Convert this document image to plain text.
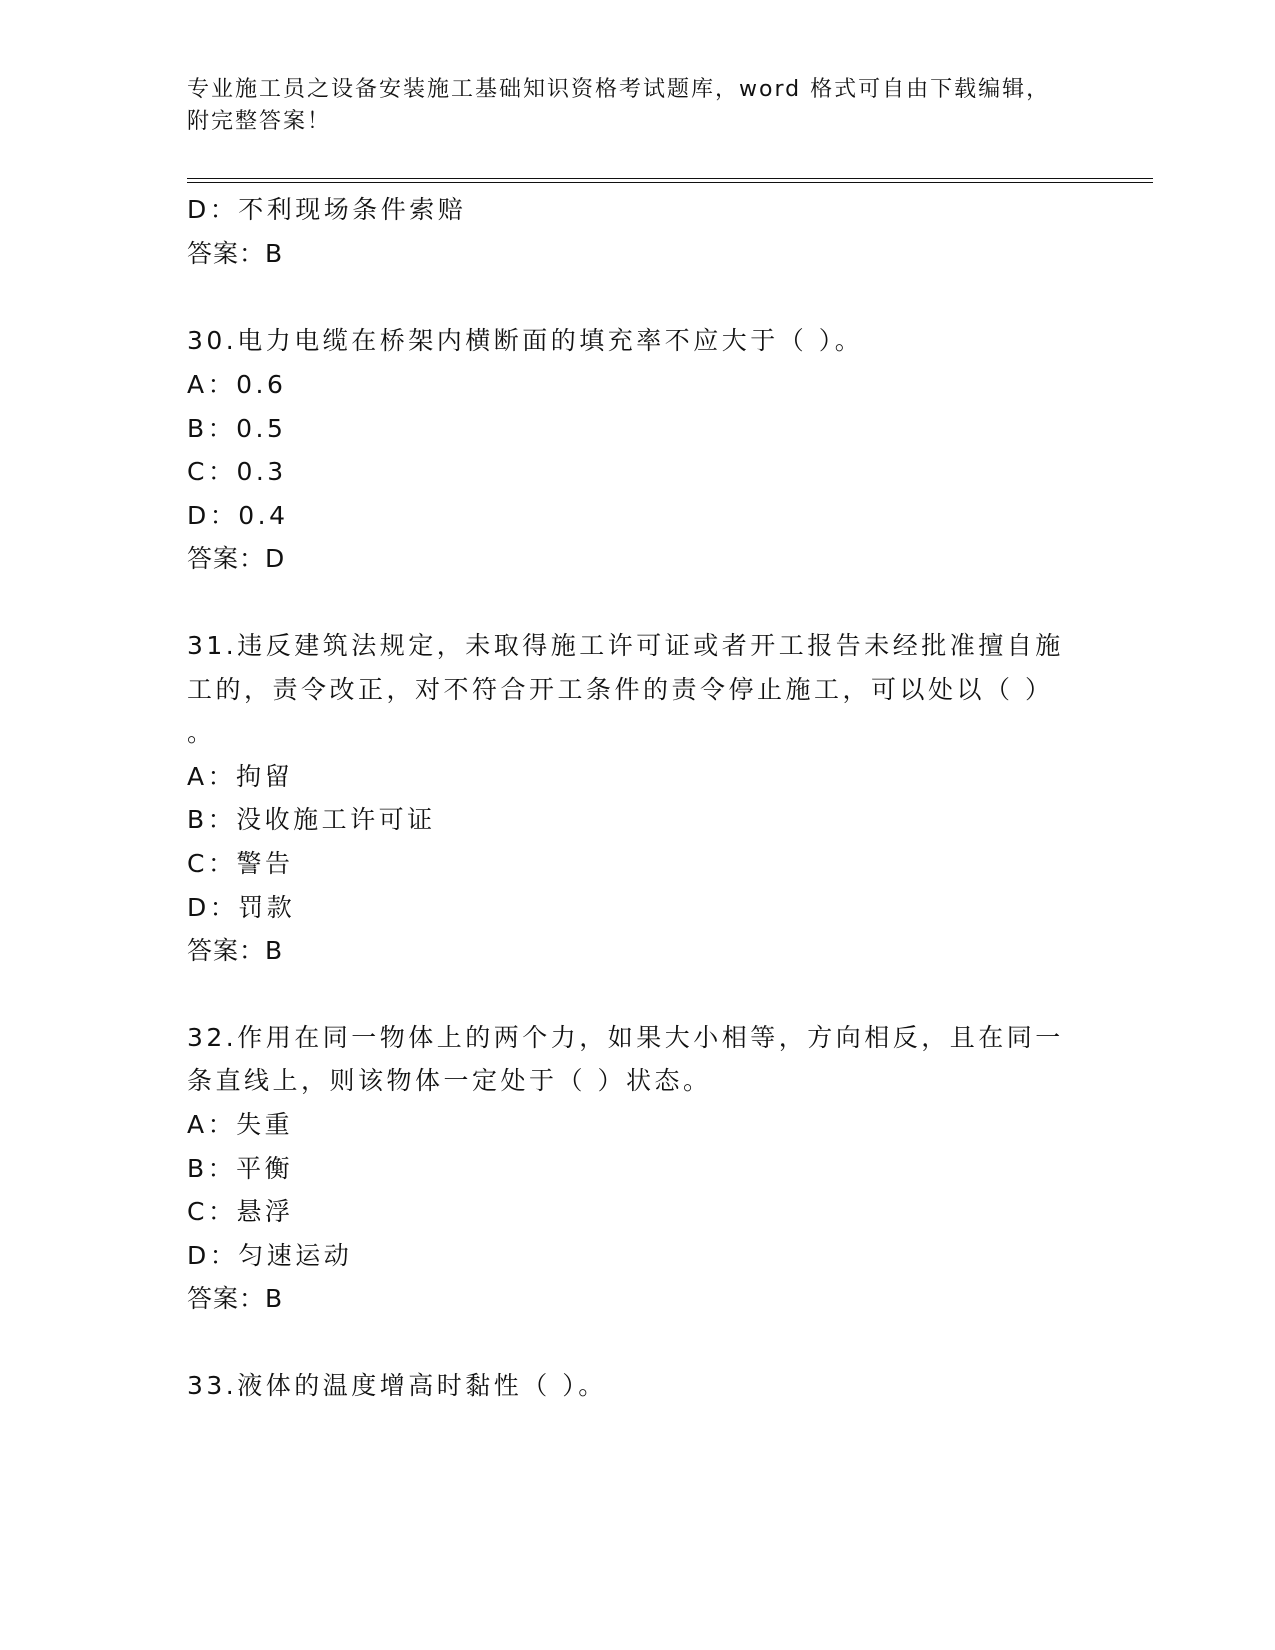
专业施工员之设备安装施工基础知识资格考试题库，word 格式可自由下载编辑，
附完整答案！
D：不利现场条件索赔
答案：B
30.电力电缆在桥架内横断面的填充率不应大于（ ）。
A：0.6
B：0.5
C：0.3
D：0.4
答案：D
31.违反建筑法规定，未取得施工许可证或者开工报告未经批准擅自施
工的，责令改正，对不符合开工条件的责令停止施工，可以处以（ ）
。
A：拘留
B：没收施工许可证
C：警告
D：罚款
答案：B
32.作用在同一物体上的两个力，如果大小相等，方向相反，且在同一
条直线上，则该物体一定处于（ ）状态。
A：失重
B：平衡
C：悬浮
D：匀速运动
答案：B
33.液体的温度增高时黏性（ ）。
